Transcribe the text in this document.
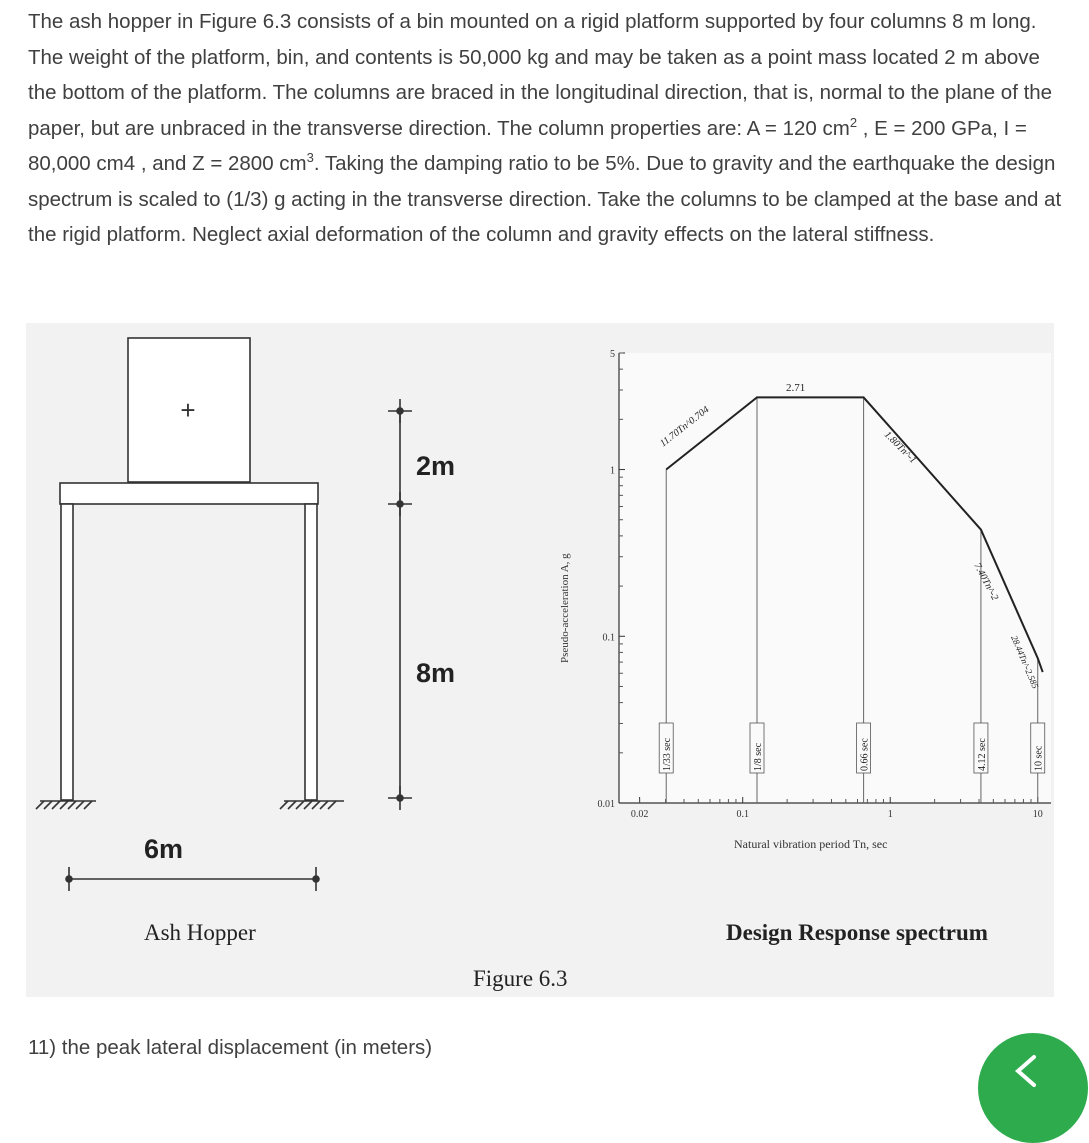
The ash hopper in Figure 6.3 consists of a bin mounted on a rigid platform supported by four columns 8 m long. The weight of the platform, bin, and contents is 50,000 kg and may be taken as a point mass located 2 m above the bottom of the platform. The columns are braced in the longitudinal direction, that is, normal to the plane of the paper, but are unbraced in the transverse direction. The column properties are: A = 120 $cm^2$ , E = 200 GPa, I = 80,000 cm4 , and Z = 2800 $cm^3$. Taking the damping ratio to be 5%. Due to gravity and the earthquake the design spectrum is scaled to (1/3) g acting in the transverse direction. Take the columns to be clamped at the base and at the rigid platform. Neglect axial deformation of the column and gravity effects on the lateral stiffness.

+
2m
8m
6m
Ash Hopper
Figure 6.3
5
1
0.1
0.01
0.02	0.1	1	10
1/33 sec	1/8 sec	0.66 sec	4.12 sec	10 sec
2.71
11.70Tn^0.704	1.80Tn^-1
7.40Tn^-2
28.44Tn^-2.585
Pseudo-acceleration A, g
Natural vibration period Tn, sec
Design Response spectrum
11) the peak lateral displacement (in meters)
